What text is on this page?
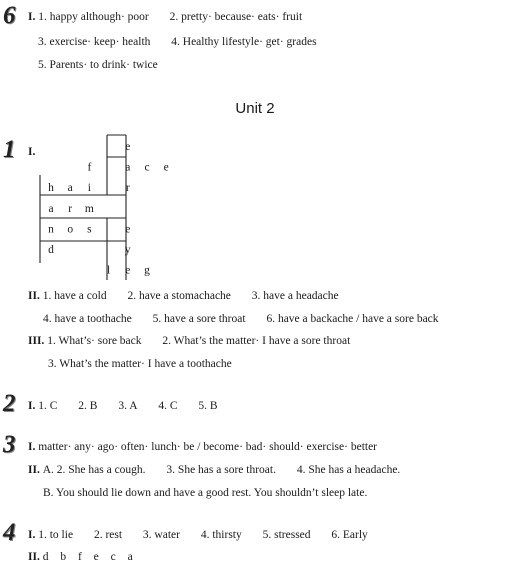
6 I. 1. happy although· poor 2. pretty· because· eats· fruit
3. exercise· keep· health 4. Healthy lifestyle· get· grades
5. Parents· to drink· twice
Unit 2
1 I.	e
f	a c e
h a i	r
a r m
n o s	e
d	y
l e g
II. 1. have a cold 2. have a stomachache 3. have a headache
4. have a toothache 5. have a sore throat 6. have a backache / have a sore back
III. 1. What’s· sore back 2. What’s the matter· I have a sore throat
3. What’s the matter· I have a toothache
2 I. 1. C 2. B 3. A 4. C 5. B
3 I. matter· any· ago· often· lunch· be / become· bad· should· exercise· better
II. A. 2. She has a cough. 3. She has a sore throat. 4. She has a headache.
B. You should lie down and have a good rest. You shouldn’t sleep late.
4 I. 1. to lie 2. rest 3. water 4. thirsty 5. stressed 6. Early
II. d b f e c a
